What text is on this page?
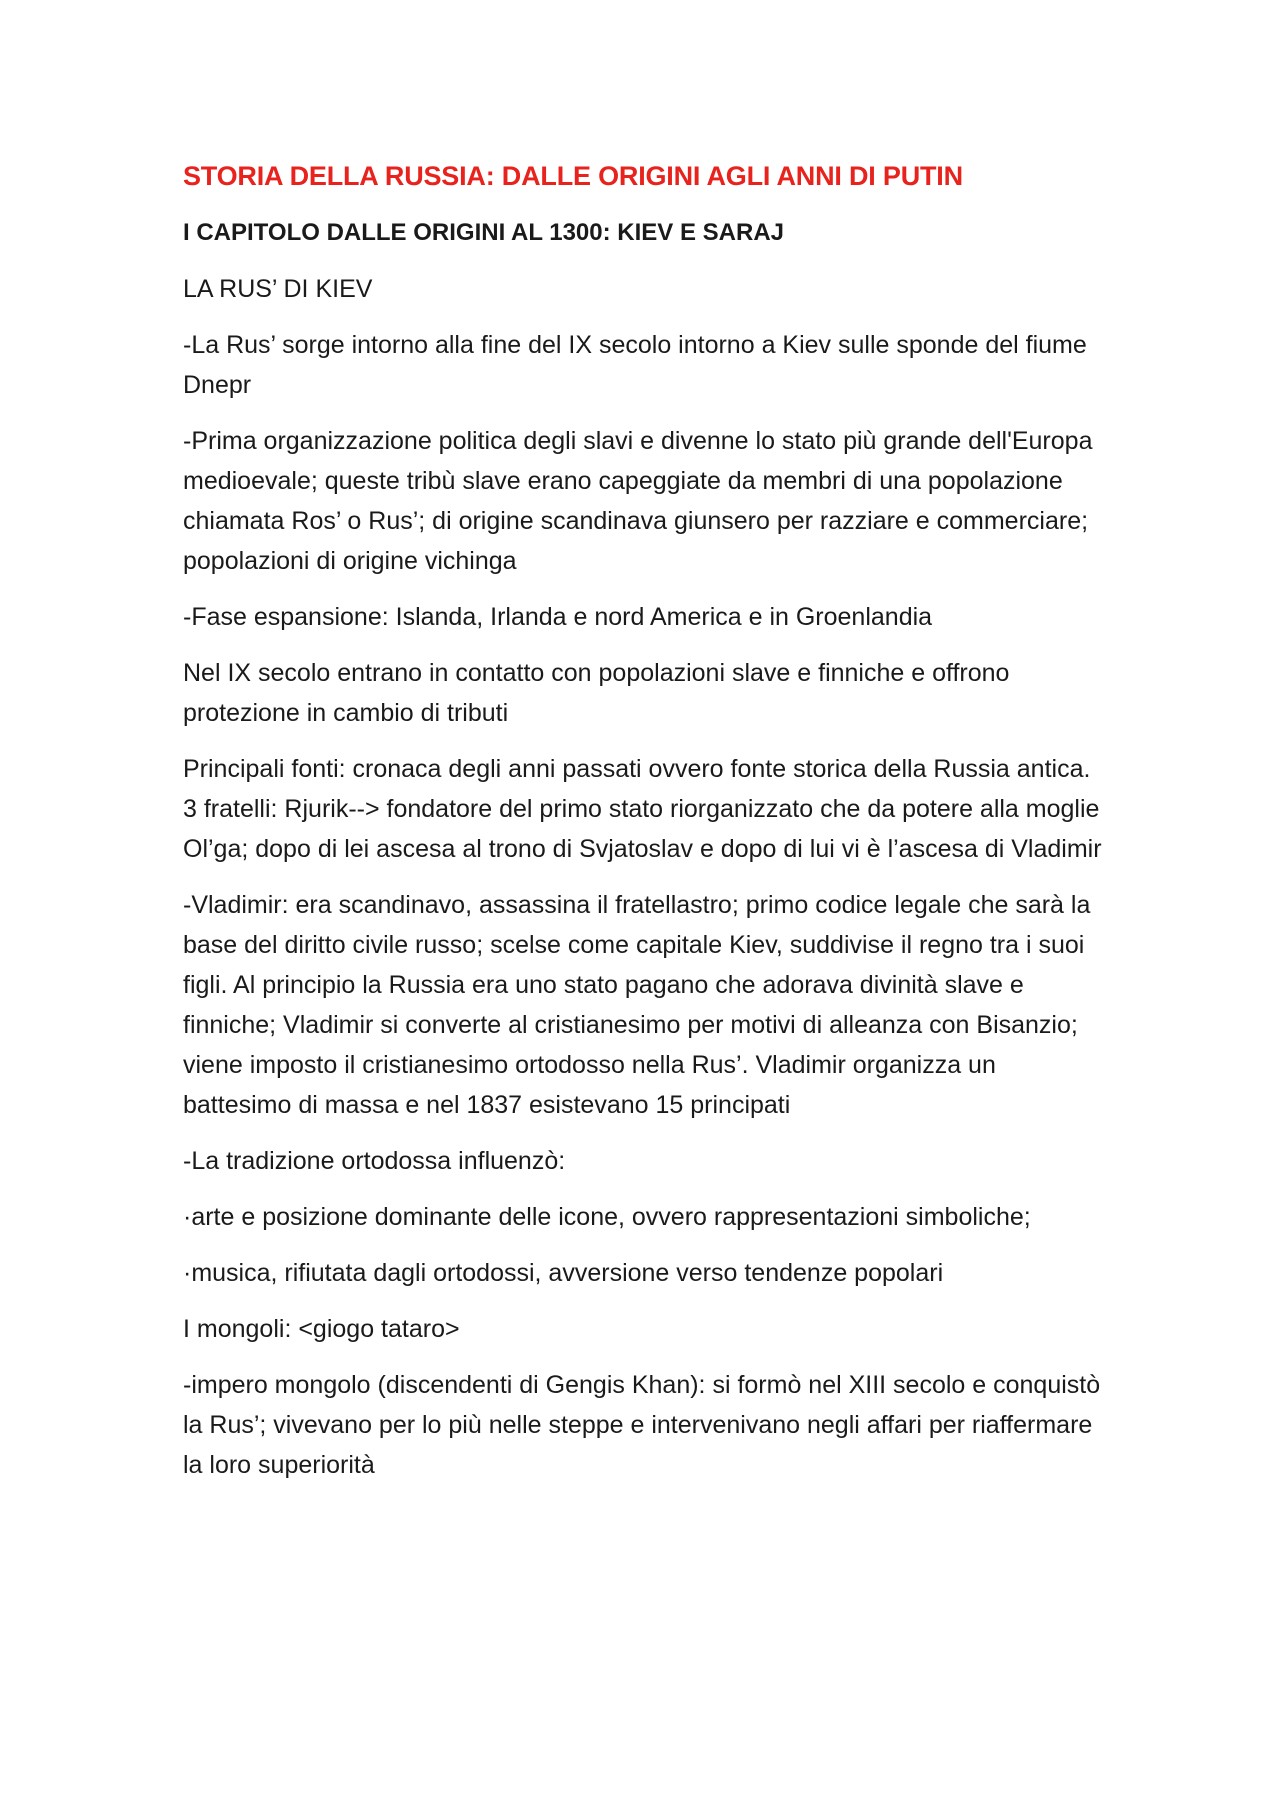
STORIA DELLA RUSSIA: DALLE ORIGINI AGLI ANNI DI PUTIN
I CAPITOLO DALLE ORIGINI AL 1300: KIEV E SARAJ
LA RUS’ DI KIEV
-La Rus’ sorge intorno alla fine del IX secolo intorno a Kiev sulle sponde del fiume Dnepr
-Prima organizzazione politica degli slavi e divenne lo stato più grande dell'Europa medioevale; queste tribù slave erano capeggiate da membri di una popolazione chiamata Ros’ o Rus’; di origine scandinava giunsero per razziare e commerciare; popolazioni di origine vichinga
-Fase espansione: Islanda, Irlanda e nord America e in Groenlandia
Nel IX secolo entrano in contatto con popolazioni slave e finniche e offrono protezione in cambio di tributi
Principali fonti: cronaca degli anni passati ovvero fonte storica della Russia antica. 3 fratelli: Rjurik--> fondatore del primo stato riorganizzato che da potere alla moglie Ol’ga; dopo di lei ascesa al trono di Svjatoslav e dopo di lui vi è l’ascesa di Vladimir
-Vladimir: era scandinavo, assassina il fratellastro; primo codice legale che sarà la base del diritto civile russo; scelse come capitale Kiev, suddivise il regno tra i suoi figli. Al principio la Russia era uno stato pagano che adorava divinità slave e finniche; Vladimir si converte al cristianesimo per motivi di alleanza con Bisanzio; viene imposto il cristianesimo ortodosso nella Rus’. Vladimir organizza un battesimo di massa e nel 1837 esistevano 15 principati
-La tradizione ortodossa influenzò:
·arte e posizione dominante delle icone, ovvero rappresentazioni simboliche;
·musica, rifiutata dagli ortodossi, avversione verso tendenze popolari
I mongoli: <giogo tataro>
-impero mongolo (discendenti di Gengis Khan): si formò nel XIII secolo e conquistò la Rus’; vivevano per lo più nelle steppe e intervenivano negli affari per riaffermare la loro superiorità
